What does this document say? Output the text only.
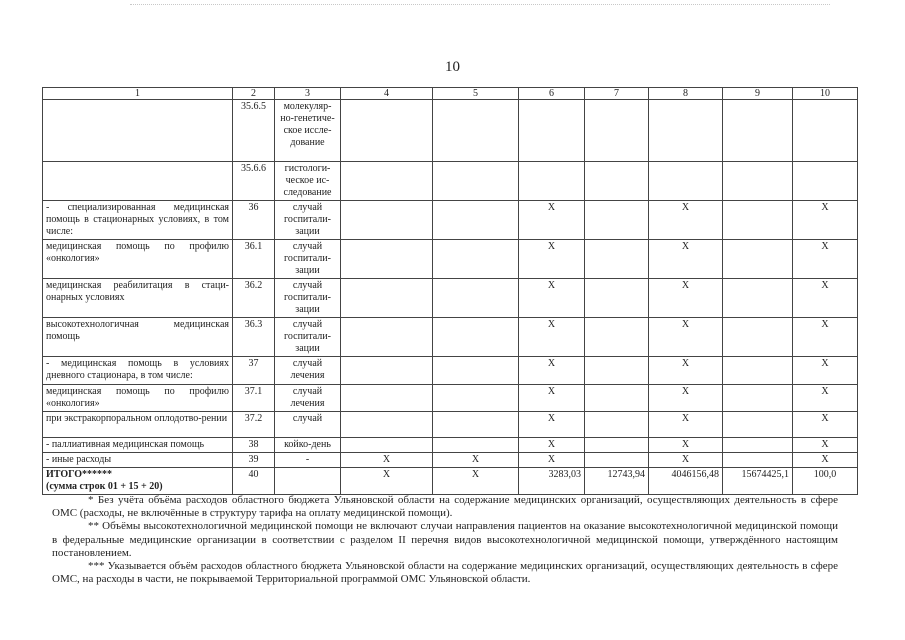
10
1	2	3	4	5	6	7	8	9	10
	35.6.5	молекуляр-но-генетиче-ское иссле-дование							
	35.6.6	гистологи-ческое ис-следование							
- специализированная медицинская помощь в стационарных условиях, в том числе:	36	случай госпитали-зации			Х		Х		Х
медицинская помощь по профилю «онкология»	36.1	случай госпитали-зации			Х		Х		Х
медицинская реабилитация в стаци-онарных условиях	36.2	случай госпитали-зации			Х		Х		Х
высокотехнологичная медицинская помощь	36.3	случай госпитали-зации			Х		Х		Х
- медицинская помощь в условиях дневного стационара, в том числе:	37	случай лечения			Х		Х		Х
медицинская помощь по профилю «онкология»	37.1	случай лечения			Х		Х		Х
при экстракорпоральном оплодотво-рении	37.2	случай			Х		Х		Х
- паллиативная медицинская помощь	38	койко-день			Х		Х		Х
- иные расходы	39	-	Х	Х	Х		Х		Х

ИТОГО******
(сумма строк 01 + 15 + 20)	40		Х	Х	3283,03	12743,94	4046156,48	15674425,1	100,0

* Без учёта объёма расходов областного бюджета Ульяновской области на содержание медицинских организаций, осуществляющих деятельность в сфере ОМС (расходы, не включённые в структуру тарифа на оплату медицинской помощи).

** Объёмы высокотехнологичной медицинской помощи не включают случаи направления пациентов на оказание высокотехнологичной медицинской помощи в федеральные медицинские организации в соответствии с разделом II перечня видов высокотехнологичной медицинской помощи, утверждённого настоящим постановлением.

*** Указывается объём расходов областного бюджета Ульяновской области на содержание медицинских организаций, осуществляющих деятельность в сфере ОМС, на расходы в части, не покрываемой Территориальной программой ОМС Ульяновской области.
